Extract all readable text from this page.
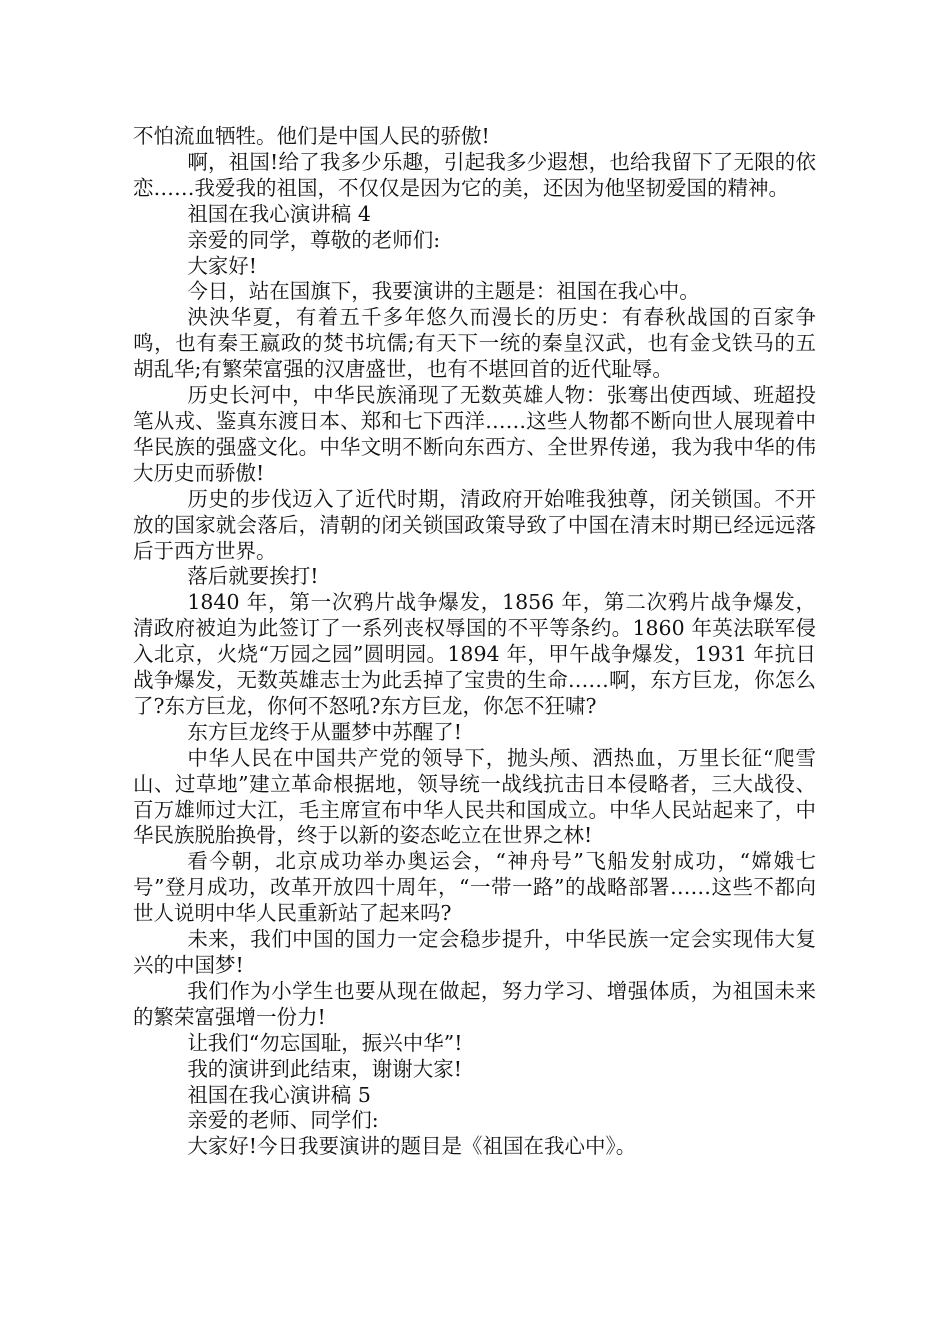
不怕流血牺牲。他们是中国人民的骄傲!

啊，祖国!给了我多少乐趣，引起我多少遐想，也给我留下了无限的依恋……我爱我的祖国，不仅仅是因为它的美，还因为他坚韧爱国的精神。

祖国在我心演讲稿 4

亲爱的同学，尊敬的老师们:

大家好!

今日，站在国旗下，我要演讲的主题是：祖国在我心中。

泱泱华夏，有着五千多年悠久而漫长的历史：有春秋战国的百家争鸣，也有秦王嬴政的焚书坑儒;有天下一统的秦皇汉武，也有金戈铁马的五胡乱华;有繁荣富强的汉唐盛世，也有不堪回首的近代耻辱。

历史长河中，中华民族涌现了无数英雄人物：张骞出使西域、班超投笔从戎、鉴真东渡日本、郑和七下西洋……这些人物都不断向世人展现着中华民族的强盛文化。中华文明不断向东西方、全世界传递，我为我中华的伟大历史而骄傲!

历史的步伐迈入了近代时期，清政府开始唯我独尊，闭关锁国。不开放的国家就会落后，清朝的闭关锁国政策导致了中国在清末时期已经远远落后于西方世界。

落后就要挨打!

1840 年，第一次鸦片战争爆发，1856 年，第二次鸦片战争爆发，清政府被迫为此签订了一系列丧权辱国的不平等条约。1860 年英法联军侵入北京，火烧“万园之园”圆明园。1894 年，甲午战争爆发，1931 年抗日战争爆发，无数英雄志士为此丢掉了宝贵的生命……啊，东方巨龙，你怎么了?东方巨龙，你何不怒吼?东方巨龙，你怎不狂啸?

东方巨龙终于从噩梦中苏醒了!

中华人民在中国共产党的领导下，抛头颅、洒热血，万里长征“爬雪山、过草地”建立革命根据地，领导统一战线抗击日本侵略者，三大战役、百万雄师过大江，毛主席宣布中华人民共和国成立。中华人民站起来了，中华民族脱胎换骨，终于以新的姿态屹立在世界之林!

看今朝，北京成功举办奥运会，“神舟号”飞船发射成功，“嫦娥七号”登月成功，改革开放四十周年，“一带一路”的战略部署……这些不都向世人说明中华人民重新站了起来吗?

未来，我们中国的国力一定会稳步提升，中华民族一定会实现伟大复兴的中国梦!

我们作为小学生也要从现在做起，努力学习、增强体质，为祖国未来的繁荣富强增一份力!

让我们“勿忘国耻，振兴中华”!

我的演讲到此结束，谢谢大家!

祖国在我心演讲稿 5

亲爱的老师、同学们:

大家好!今日我要演讲的题目是《祖国在我心中》。
